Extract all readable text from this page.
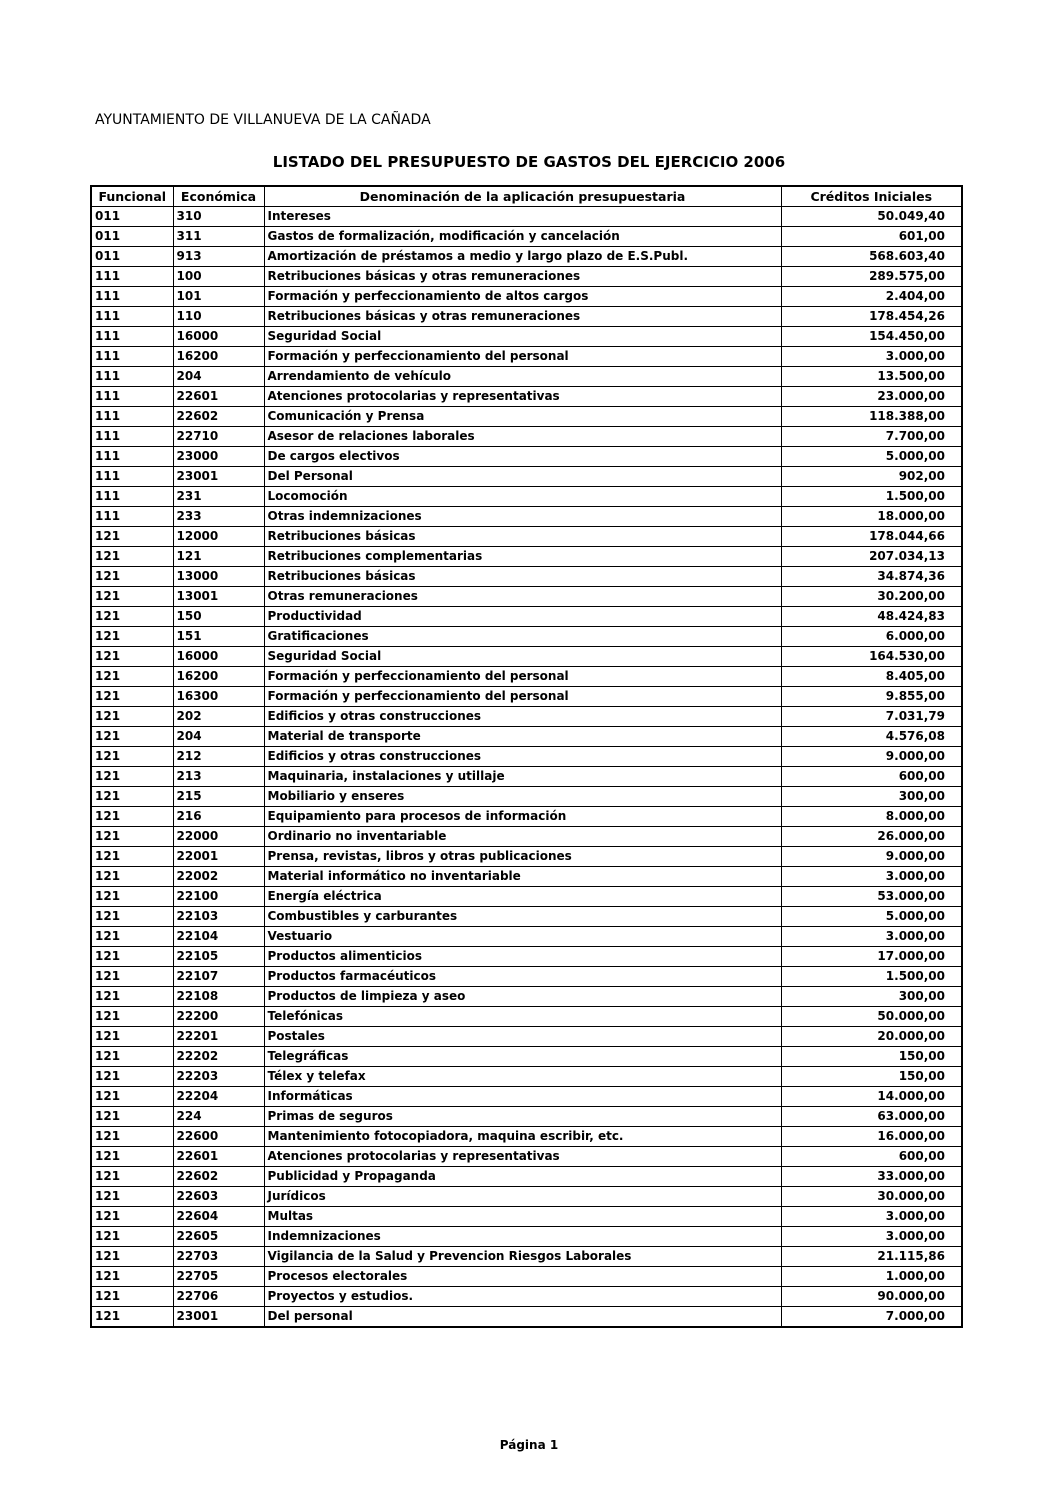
AYUNTAMIENTO DE VILLANUEVA DE LA CAÑADA
LISTADO DEL PRESUPUESTO DE GASTOS DEL EJERCICIO 2006
Funcional	Económica	Denominación de la aplicación presupuestaria	Créditos Iniciales
011	310	Intereses	50.049,40
011	311	Gastos de formalización, modificación y cancelación	601,00
011	913	Amortización de préstamos a medio y largo plazo de E.S.Publ.	568.603,40
111	100	Retribuciones básicas y otras remuneraciones	289.575,00
111	101	Formación y perfeccionamiento de altos cargos	2.404,00
111	110	Retribuciones básicas y otras remuneraciones	178.454,26
111	16000	Seguridad Social	154.450,00
111	16200	Formación y perfeccionamiento del personal	3.000,00
111	204	Arrendamiento de vehículo	13.500,00
111	22601	Atenciones protocolarias y representativas	23.000,00
111	22602	Comunicación y Prensa	118.388,00
111	22710	Asesor de relaciones laborales	7.700,00
111	23000	De cargos electivos	5.000,00
111	23001	Del Personal	902,00
111	231	Locomoción	1.500,00
111	233	Otras indemnizaciones	18.000,00
121	12000	Retribuciones básicas	178.044,66
121	121	Retribuciones complementarias	207.034,13
121	13000	Retribuciones básicas	34.874,36
121	13001	Otras remuneraciones	30.200,00
121	150	Productividad	48.424,83
121	151	Gratificaciones	6.000,00
121	16000	Seguridad Social	164.530,00
121	16200	Formación y perfeccionamiento del personal	8.405,00
121	16300	Formación y perfeccionamiento del personal	9.855,00
121	202	Edificios y otras construcciones	7.031,79
121	204	Material de transporte	4.576,08
121	212	Edificios y otras construcciones	9.000,00
121	213	Maquinaria, instalaciones y utillaje	600,00
121	215	Mobiliario y enseres	300,00
121	216	Equipamiento para procesos de información	8.000,00
121	22000	Ordinario no inventariable	26.000,00
121	22001	Prensa, revistas, libros y otras publicaciones	9.000,00
121	22002	Material informático no inventariable	3.000,00
121	22100	Energía eléctrica	53.000,00
121	22103	Combustibles y carburantes	5.000,00
121	22104	Vestuario	3.000,00
121	22105	Productos alimenticios	17.000,00
121	22107	Productos farmacéuticos	1.500,00
121	22108	Productos de limpieza y aseo	300,00
121	22200	Telefónicas	50.000,00
121	22201	Postales	20.000,00
121	22202	Telegráficas	150,00
121	22203	Télex y telefax	150,00
121	22204	Informáticas	14.000,00
121	224	Primas de seguros	63.000,00
121	22600	Mantenimiento fotocopiadora, maquina escribir, etc.	16.000,00
121	22601	Atenciones protocolarias y representativas	600,00
121	22602	Publicidad y Propaganda	33.000,00
121	22603	Jurídicos	30.000,00
121	22604	Multas	3.000,00
121	22605	Indemnizaciones	3.000,00
121	22703	Vigilancia de la Salud y Prevencion Riesgos Laborales	21.115,86
121	22705	Procesos electorales	1.000,00
121	22706	Proyectos y estudios.	90.000,00
121	23001	Del personal	7.000,00
Página 1
